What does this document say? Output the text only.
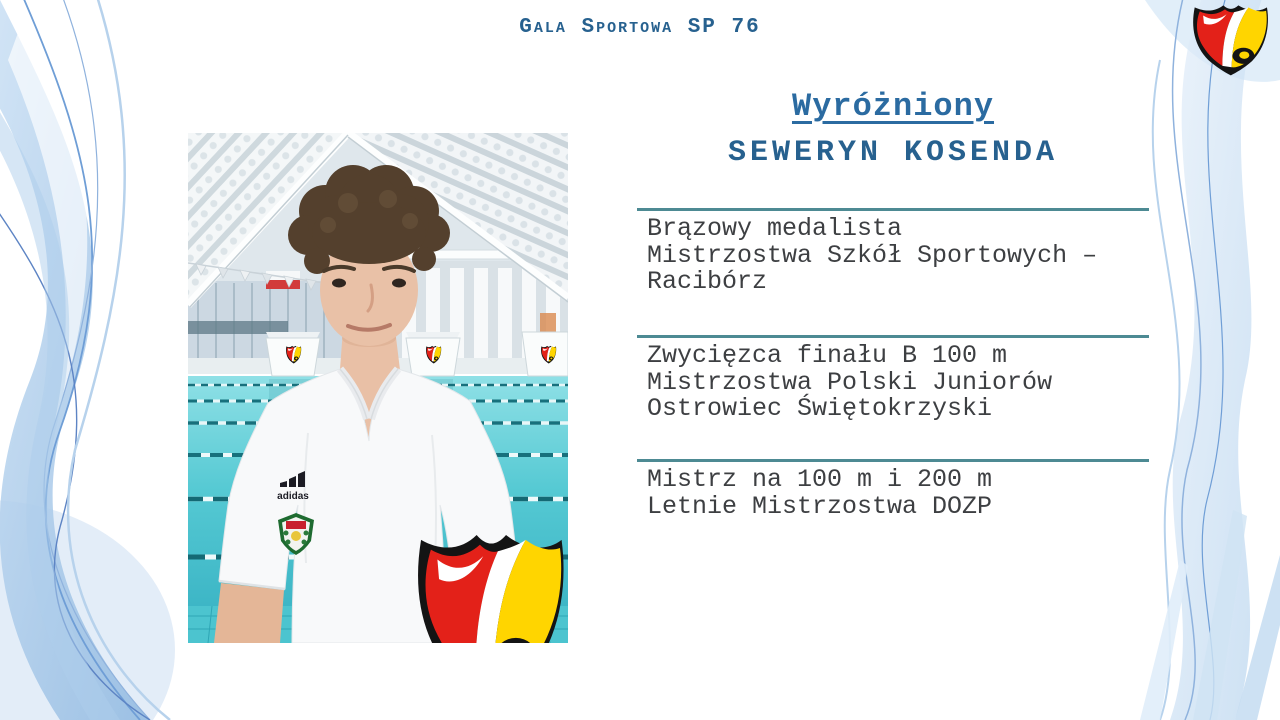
Gala Sportowa SP 76
adidas
Wyróżniony
SEWERYN KOSENDA
Brązowy medalista
Mistrzostwa Szkół Sportowych –
Racibórz
Zwycięzca finału B 100 m
Mistrzostwa Polski Juniorów
Ostrowiec Świętokrzyski
Mistrz na 100 m i 200 m
Letnie Mistrzostwa DOZP
